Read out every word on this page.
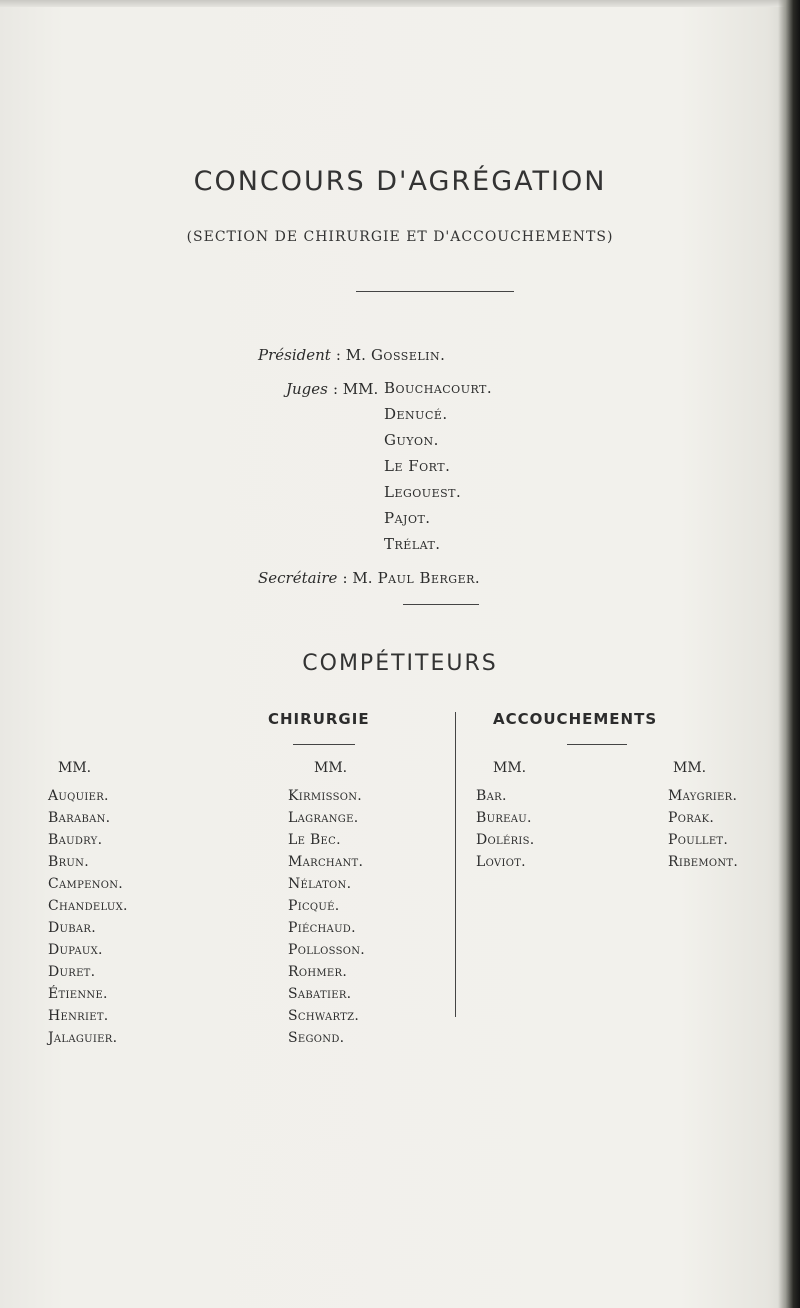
CONCOURS D'AGRÉGATION
(SECTION DE CHIRURGIE ET D'ACCOUCHEMENTS)
Président : M. Gosselin.
Juges : MM. Bouchacourt.
Denucé.
Guyon.
Le Fort.
Legouest.
Pajot.
Trélat.
Secrétaire : M. Paul Berger.
COMPÉTITEURS
CHIRURGIE
MM.	MM.
Auquier.
Baraban.
Baudry.
Brun.
Campenon.
Chandelux.
Dubar.
Dupaux.
Duret.
Étienne.
Henriet.
Jalaguier.
Kirmisson.
Lagrange.
Le Bec.
Marchant.
Nélaton.
Picqué.
Piéchaud.
Pollosson.
Rohmer.
Sabatier.
Schwartz.
Segond.
ACCOUCHEMENTS
MM.	MM.
Bar.
Bureau.
Doléris.
Loviot.
Maygrier.
Porak.
Poullet.
Ribemont.
